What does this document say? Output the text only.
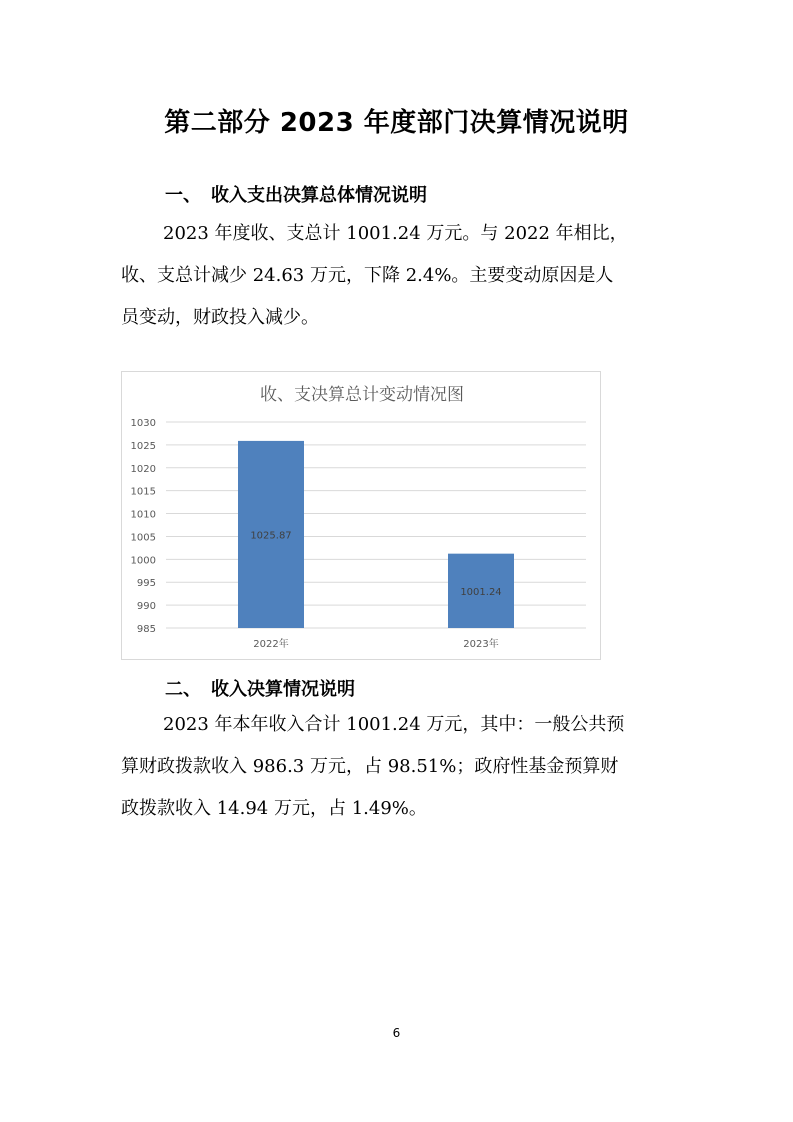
第二部分 2023 年度部门决算情况说明
一、 收入支出决算总体情况说明

2023 年度收、支总计 1001.24 万元。与 2022 年相比，
收、支总计减少 24.63 万元，下降 2.4%。主要变动原因是人
员变动，财政投入减少。

收、支决算总计变动情况图
985
990
995
1000
1005
1010
1015
1020
1025
1030
1025.87
2022年
1001.24
2023年
二、 收入决算情况说明

2023 年本年收入合计 1001.24 万元，其中：一般公共预
算财政拨款收入 986.3 万元，占 98.51%；政府性基金预算财
政拨款收入 14.94 万元，占 1.49%。

6
